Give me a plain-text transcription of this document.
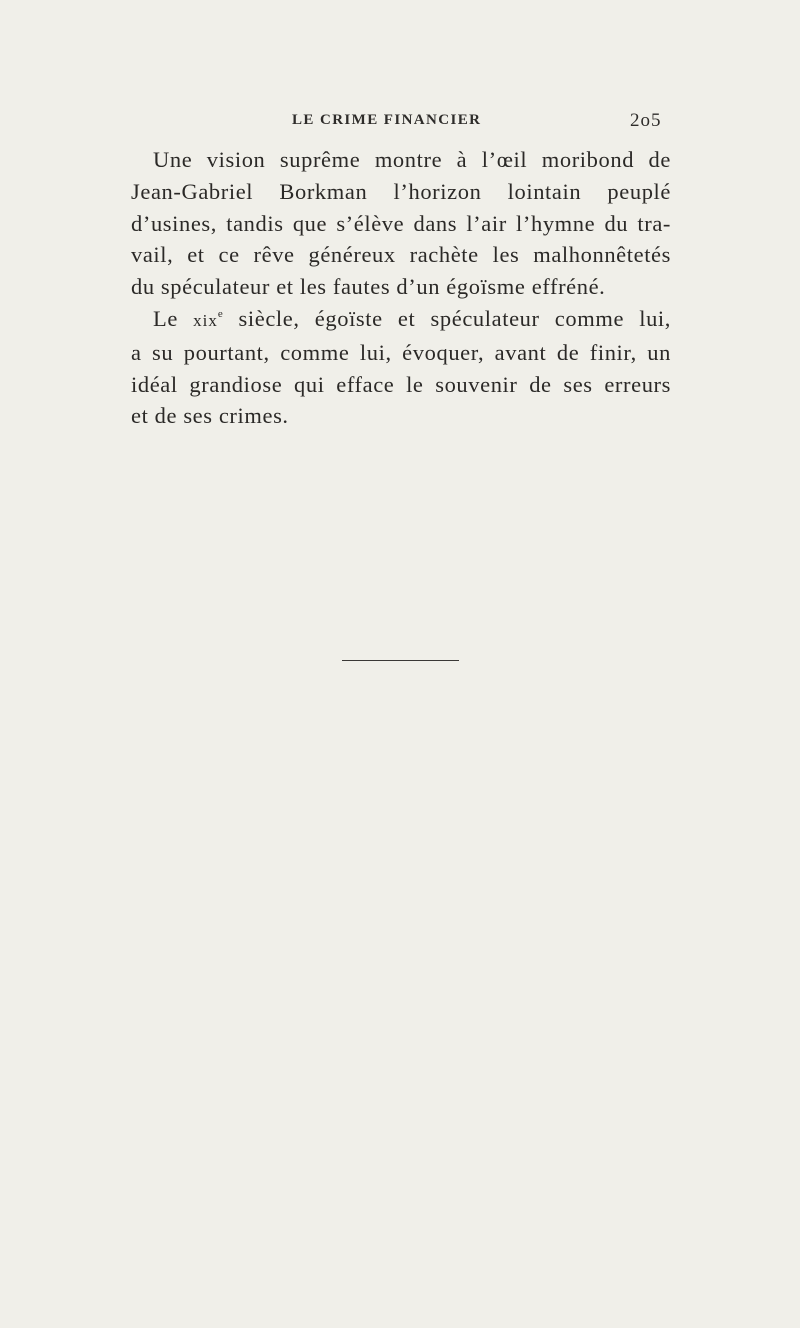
LE CRIME FINANCIER	2o5
Une vision suprême montre à l’œil moribond de
Jean-Gabriel Borkman l’horizon lointain peuplé
d’usines, tandis que s’élève dans l’air l’hymne du tra-
vail, et ce rêve généreux rachète les malhonnêtetés
du spéculateur et les fautes d’un égoïsme effréné.
Le xix$^e$ siècle, égoïste et spéculateur comme lui,
a su pourtant, comme lui, évoquer, avant de finir, un
idéal grandiose qui efface le souvenir de ses erreurs
et de ses crimes.
